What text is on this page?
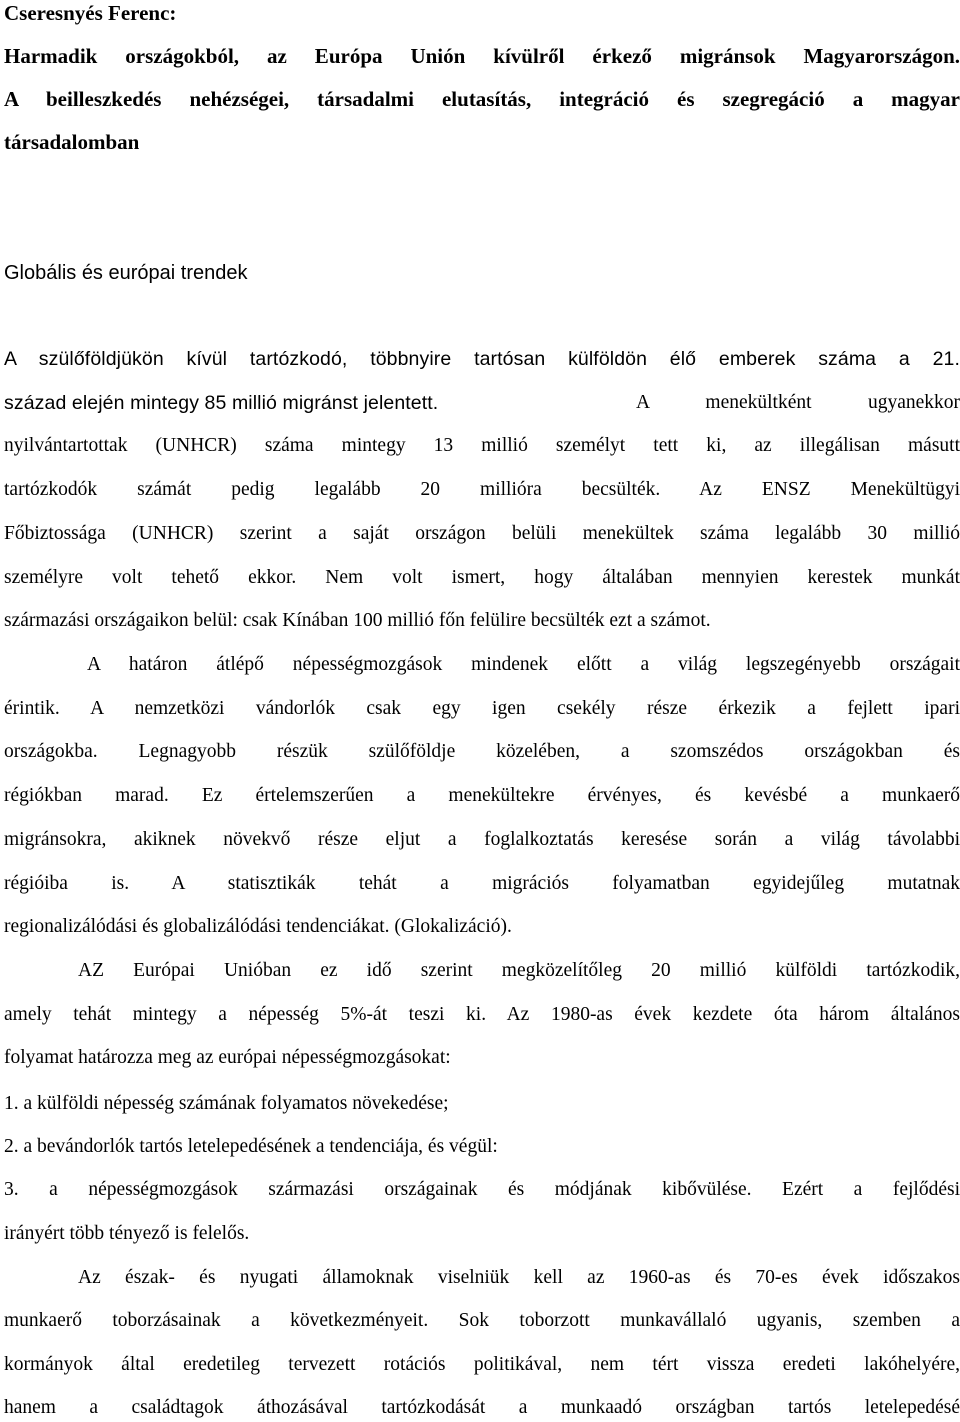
Cseresnyés Ferenc:
Harmadik országokból, az Európa Unión kívülről érkező migránsok Magyarországon.
A beilleszkedés nehézségei, társadalmi elutasítás, integráció és szegregáció a magyar
társadalomban
Globális és európai trendek
A szülőföldjükön kívül tartózkodó, többnyire tartósan külföldön élő emberek száma a 21.
század elején mintegy 85 millió migránst jelentett.	A menekültként ugyanekkor
nyilvántartottak (UNHCR) száma mintegy 13 millió személyt tett ki, az illegálisan másutt
tartózkodók számát pedig legalább 20 millióra becsülték. Az ENSZ Menekültügyi
Főbiztossága (UNHCR) szerint a saját országon belüli menekültek száma legalább 30 millió
személyre volt tehető ekkor. Nem volt ismert, hogy általában mennyien kerestek munkát
származási országaikon belül: csak Kínában 100 millió főn felülire becsülték ezt a számot.
A határon átlépő népességmozgások mindenek előtt a világ legszegényebb országait
érintik. A nemzetközi vándorlók csak egy igen csekély része érkezik a fejlett ipari
országokba. Legnagyobb részük szülőföldje közelében, a szomszédos országokban és
régiókban marad. Ez értelemszerűen a menekültekre érvényes, és kevésbé a munkaerő
migránsokra, akiknek növekvő része eljut a foglalkoztatás keresése során a világ távolabbi
régióiba is. A statisztikák tehát a migrációs folyamatban egyidejűleg mutatnak
regionalizálódási és globalizálódási tendenciákat. (Glokalizáció).
AZ Európai Unióban ez idő szerint megközelítőleg 20 millió külföldi tartózkodik,
amely tehát mintegy a népesség 5%-át teszi ki. Az 1980-as évek kezdete óta három általános
folyamat határozza meg az európai népességmozgásokat:
1. a külföldi népesség számának folyamatos növekedése;
2. a bevándorlók tartós letelepedésének a tendenciája, és végül:
3. a népességmozgások származási országainak és módjának kibővülése. Ezért a fejlődési
irányért több tényező is felelős.
Az észak- és nyugati államoknak viselniük kell az 1960-as és 70-es évek időszakos
munkaerő toborzásainak a következményeit. Sok toborzott munkavállaló ugyanis, szemben a
kormányok által eredetileg tervezett rotációs politikával, nem tért vissza eredeti lakóhelyére,
hanem a családtagok áthozásával tartózkodását a munkaadó országban tartós letelepedésé
